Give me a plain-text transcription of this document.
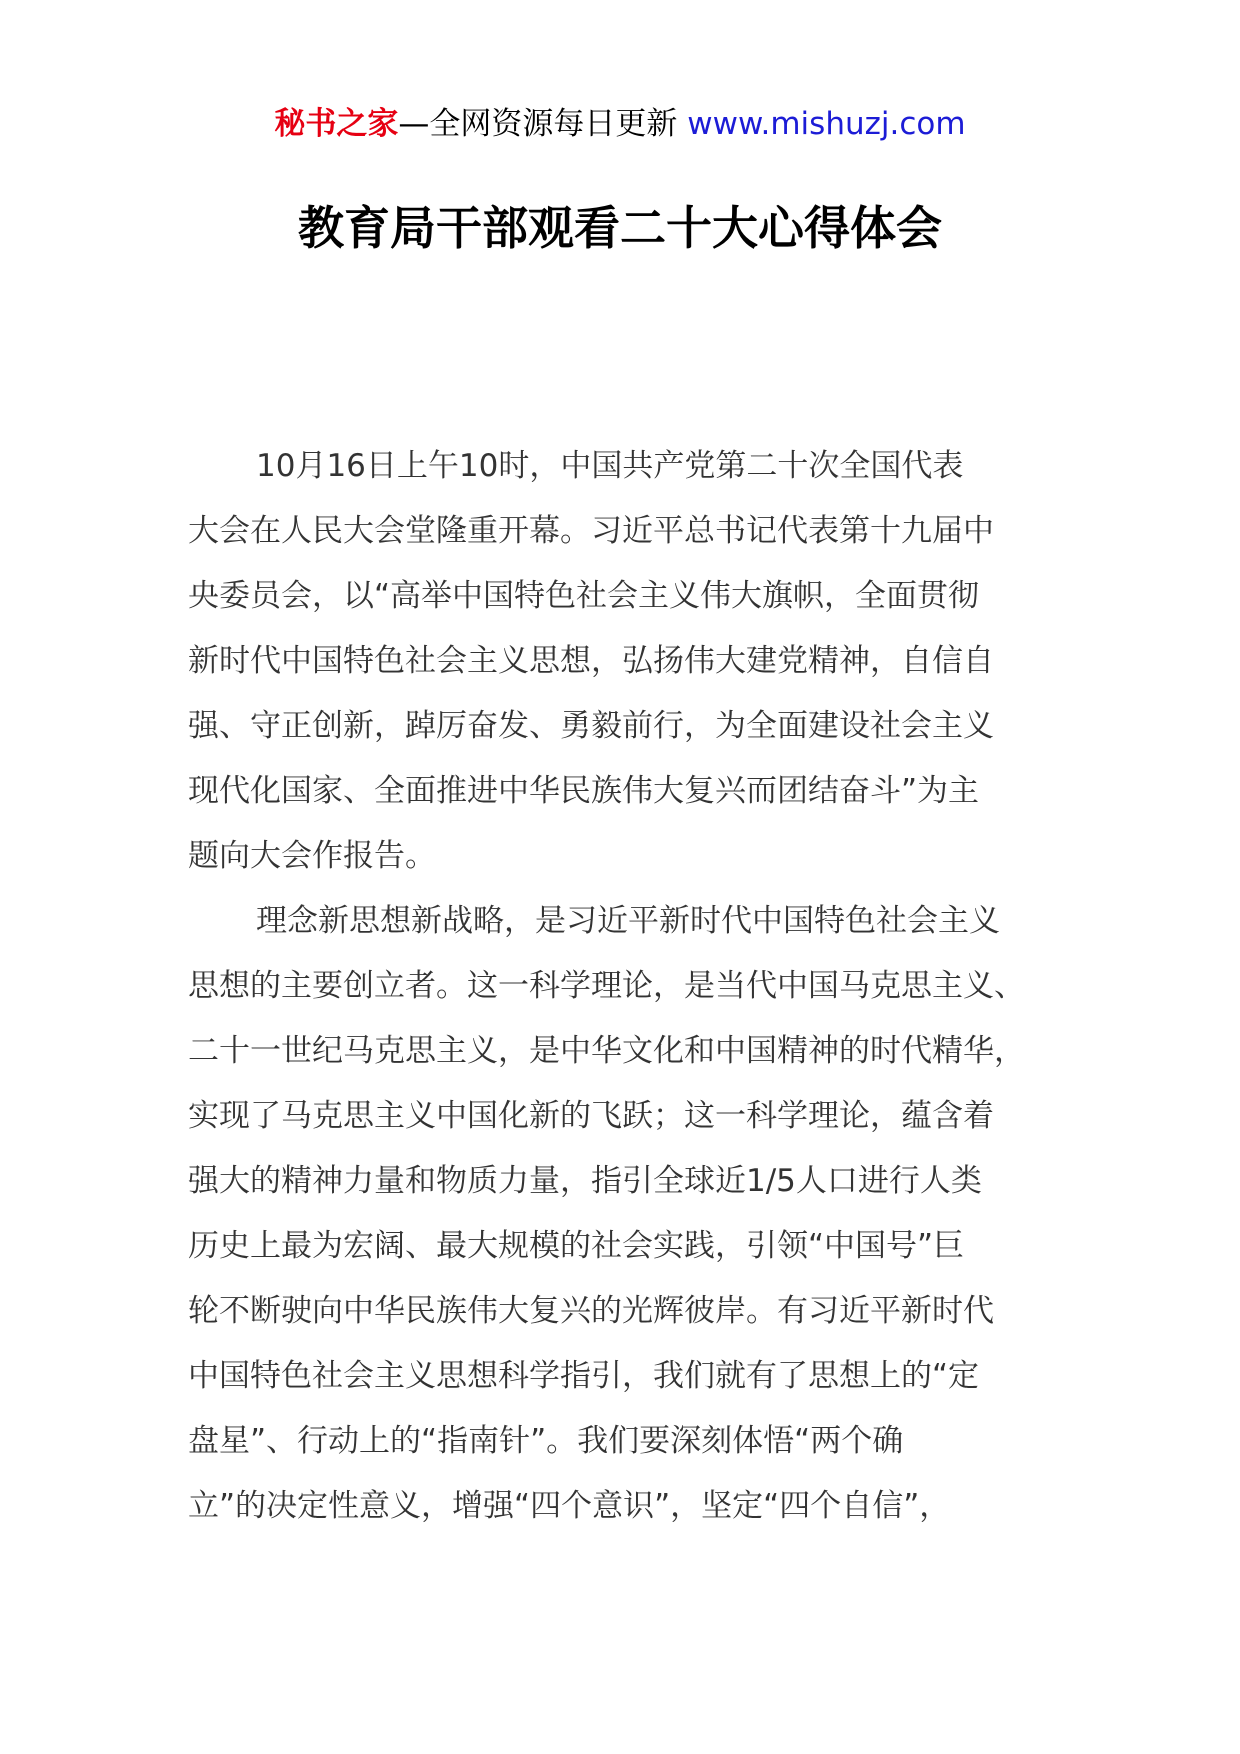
秘书之家—全网资源每日更新 www.mishuzj.com
教育局干部观看二十大心得体会

10月16日上午10时，中国共产党第二十次全国代表
大会在人民大会堂隆重开幕。习近平总书记代表第十九届中
央委员会，以“高举中国特色社会主义伟大旗帜，全面贯彻
新时代中国特色社会主义思想，弘扬伟大建党精神，自信自
强、守正创新，踔厉奋发、勇毅前行，为全面建设社会主义
现代化国家、全面推进中华民族伟大复兴而团结奋斗”为主
题向大会作报告。

理念新思想新战略，是习近平新时代中国特色社会主义
思想的主要创立者。这一科学理论，是当代中国马克思主义、
二十一世纪马克思主义，是中华文化和中国精神的时代精华，
实现了马克思主义中国化新的飞跃；这一科学理论，蕴含着
强大的精神力量和物质力量，指引全球近1/5人口进行人类
历史上最为宏阔、最大规模的社会实践，引领“中国号”巨
轮不断驶向中华民族伟大复兴的光辉彼岸。有习近平新时代
中国特色社会主义思想科学指引，我们就有了思想上的“定
盘星”、行动上的“指南针”。我们要深刻体悟“两个确
立”的决定性意义，增强“四个意识”，坚定“四个自信”，
